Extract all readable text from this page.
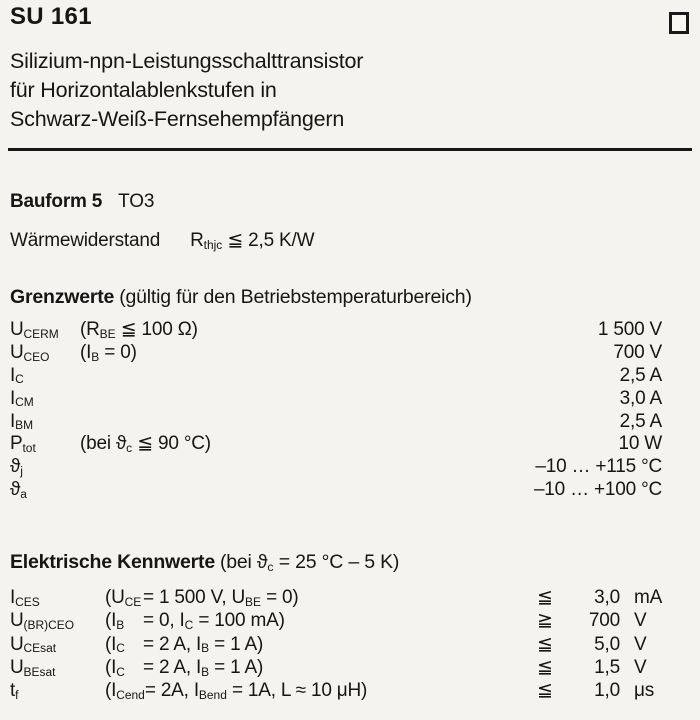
SU 161
Silizium-npn-Leistungsschalttransistor
für Horizontalablenkstufen in
Schwarz-Weiß-Fernsehempfängern
Bauform 5 TO3
Wärmewiderstand $R_{thjc}$ ≦ 2,5 K/W
Grenzwerte (gültig für den Betriebstemperaturbereich)
$U_{CERM}$	($R_{BE}$ ≦ 100 Ω)	1 500 V
$U_{CEO}$	$(I_B = 0)$	700 V
$I_C$	2,5 A
$I_{CM}$	3,0 A
$I_{BM}$	2,5 A
$P_{tot}$	(bei $ϑ_c$ ≦ 90 °C)	10 W
$ϑ_j$	–10 … +115 °C
$ϑ_a$	–10 … +100 °C
Elektrische Kennwerte (bei $ϑ_c = 25$ °C – 5 K)
$I_{CES}$	($U_{CE}= 1$ 500 V, $U_{BE} = 0$)	≦	3,0 mA
$U_{(BR)CEO}$ ($I_B = 0$, $I_C = 100$ mA)	≧	700 V
$U_{CEsat}$	($I_C = 2$ A, $I_B = 1$ A)	≦	5,0 V
$U_{BEsat}$	($I_C = 2$ A, $I_B = 1$ A)	≦	1,5 V
$t_f$	($I_{Cend}= 2A$, $I_{Bend} = 1A$, L ≈ 10 μH)	≦	1,0 μs
